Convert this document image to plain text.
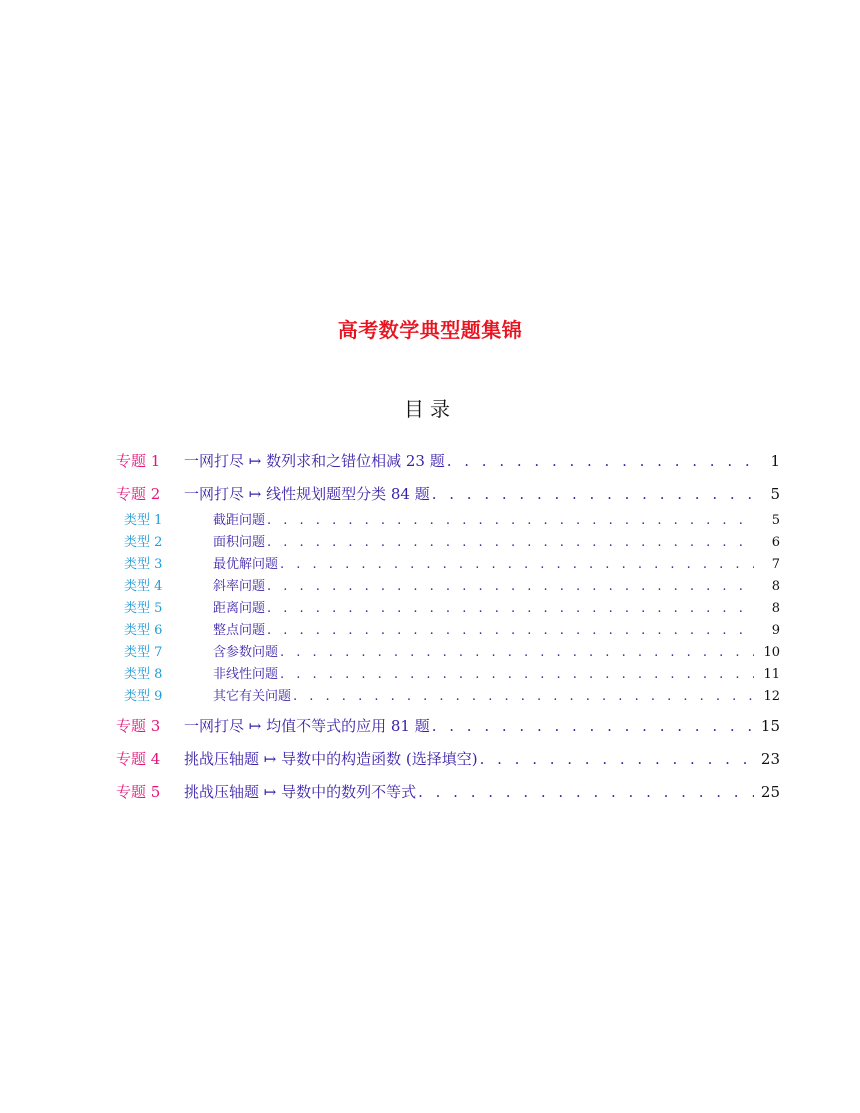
高考数学典型题集锦
目录
专题 1 一网打尽 ↦ 数列求和之错位相减 23 题 . . .	1
专题 2 一网打尽 ↦ 线性规划题型分类 84 题 . . .	5
类型 1	截距问题 . . .	5
类型 2	面积问题 . . .	6
类型 3	最优解问题 . . .	7
类型 4	斜率问题 . . .	8
类型 5	距离问题 . . .	8
类型 6	整点问题 . . .	9
类型 7	含参数问题 . . .	10
类型 8	非线性问题 . . .	11
类型 9	其它有关问题 . . .	12
专题 3 一网打尽 ↦ 均值不等式的应用 81 题 . . .	15
专题 4 挑战压轴题 ↦ 导数中的构造函数 (选择填空) . . .	23
专题 5 挑战压轴题 ↦ 导数中的数列不等式 . . .	25
